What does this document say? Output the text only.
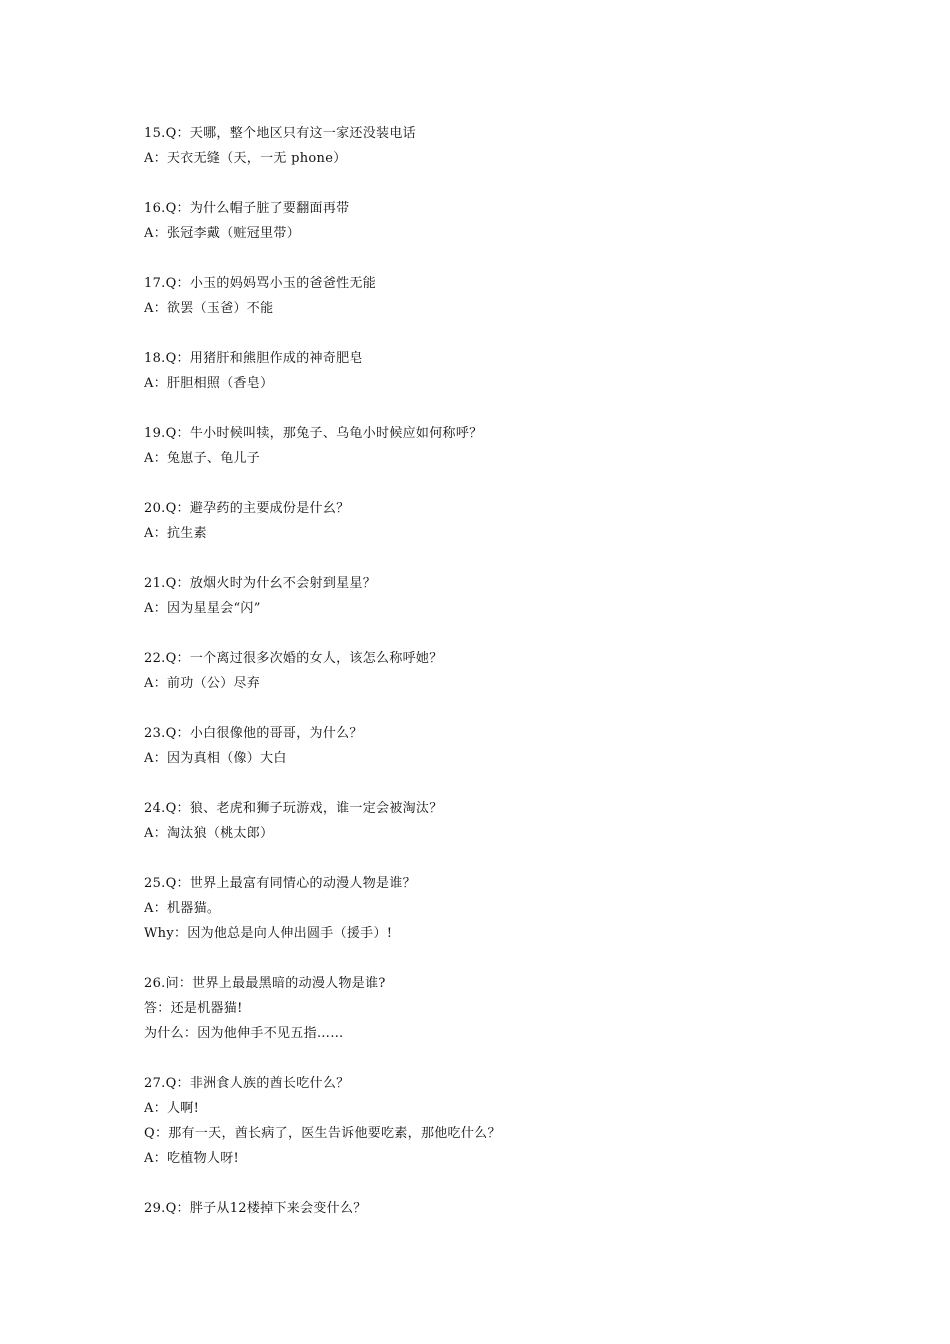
15.Q：天哪，整个地区只有这一家还没装电话
A：天衣无缝（天，一无 phone）
16.Q：为什么帽子脏了要翻面再带
A：张冠李戴（赃冠里带）
17.Q：小玉的妈妈骂小玉的爸爸性无能
A：欲罢（玉爸）不能
18.Q：用猪肝和熊胆作成的神奇肥皂
A：肝胆相照（香皂）
19.Q：牛小时候叫犊，那兔子、乌龟小时候应如何称呼？
A：兔崽子、龟儿子
20.Q：避孕药的主要成份是什幺？
A：抗生素
21.Q：放烟火时为什幺不会射到星星？
A：因为星星会“闪”
22.Q：一个离过很多次婚的女人，该怎么称呼她？
A：前功（公）尽弃
23.Q：小白很像他的哥哥，为什么？
A：因为真相（像）大白
24.Q：狼、老虎和狮子玩游戏，谁一定会被淘汰？
A：淘汰狼（桃太郎）
25.Q：世界上最富有同情心的动漫人物是谁？
A：机器猫。
Why：因为他总是向人伸出圆手（援手）!
26.问：世界上最最黑暗的动漫人物是谁?
答：还是机器猫!
为什么：因为他伸手不见五指……
27.Q：非洲食人族的酋长吃什么？
A：人啊!
Q：那有一天，酋长病了，医生告诉他要吃素，那他吃什么？
A：吃植物人呀!
29.Q：胖子从12楼掉下来会变什么？
